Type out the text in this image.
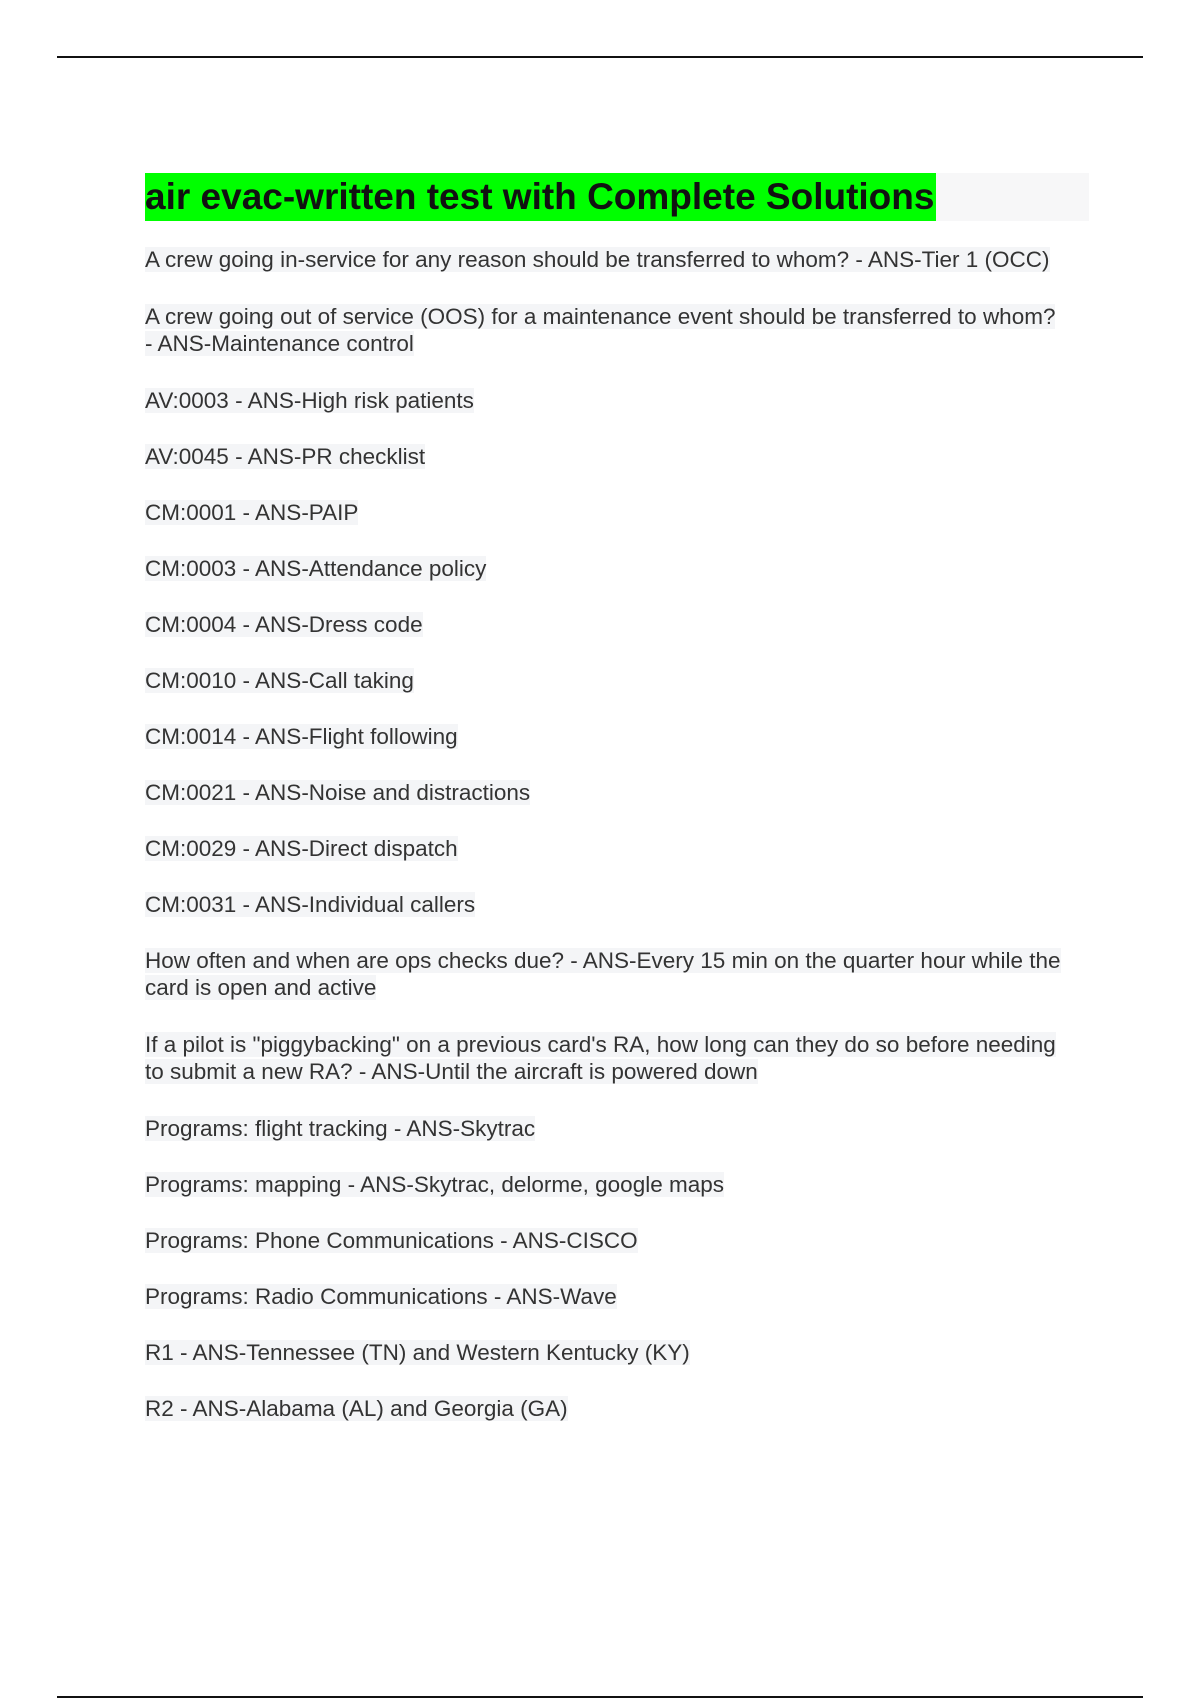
air evac-written test with Complete Solutions

A crew going in-service for any reason should be transferred to whom? - ANS-Tier 1 (OCC)

A crew going out of service (OOS) for a maintenance event should be transferred to whom? - ANS-Maintenance control

AV:0003 - ANS-High risk patients

AV:0045 - ANS-PR checklist

CM:0001 - ANS-PAIP

CM:0003 - ANS-Attendance policy

CM:0004 - ANS-Dress code

CM:0010 - ANS-Call taking

CM:0014 - ANS-Flight following

CM:0021 - ANS-Noise and distractions

CM:0029 - ANS-Direct dispatch

CM:0031 - ANS-Individual callers

How often and when are ops checks due? - ANS-Every 15 min on the quarter hour while the card is open and active

If a pilot is "piggybacking" on a previous card's RA, how long can they do so before needing to submit a new RA? - ANS-Until the aircraft is powered down

Programs: flight tracking - ANS-Skytrac

Programs: mapping - ANS-Skytrac, delorme, google maps

Programs: Phone Communications - ANS-CISCO

Programs: Radio Communications - ANS-Wave

R1 - ANS-Tennessee (TN) and Western Kentucky (KY)

R2 - ANS-Alabama (AL) and Georgia (GA)
